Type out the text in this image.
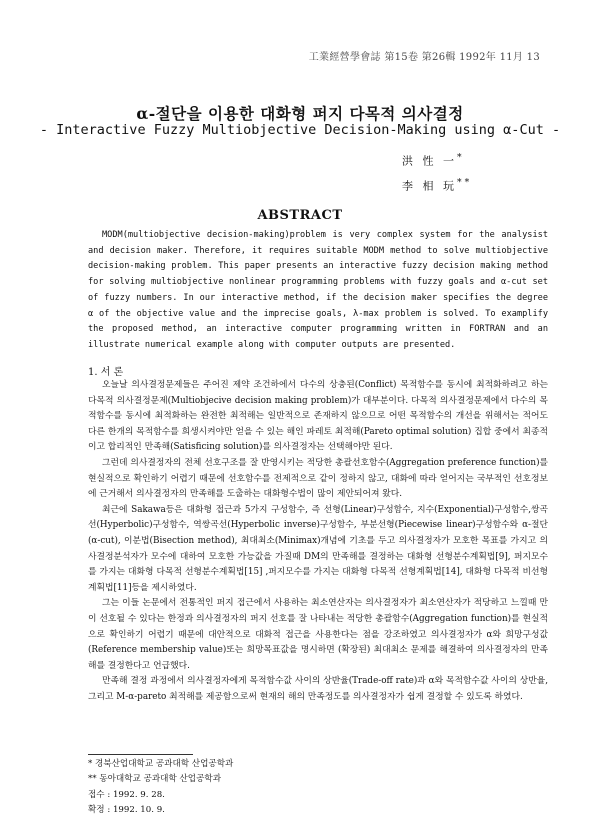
工業經營學會誌 第15卷 第26輯 1992年 11月 13
α-절단을 이용한 대화형 퍼지 다목적 의사결정
- Interactive Fuzzy Multiobjective Decision-Making using α-Cut -
洪 性 一*
李 相 玩**
ABSTRACT

MODM(multiobjective decision-making)problem is very complex system for the analysist and decision maker. Therefore, it requires suitable MODM method to solve multiobjective decision-making problem. This paper presents an interactive fuzzy decision making method for solving multiobjective nonlinear programming problems with fuzzy goals and α-cut set of fuzzy numbers. In our interactive method, if the decision maker specifies the degree α of the objective value and the imprecise goals, λ-max problem is solved. To examplify the proposed method, an interactive computer programming written in FORTRAN and an illustrate numerical example along with computer outputs are presented.

1. 서 론

오늘날 의사결정문제들은 주어진 제약 조건하에서 다수의 상충된(Conflict) 목적함수를 동시에 최적화하려고 하는 다목적 의사결정문제(Multiobjecive decision making problem)가 대부분이다. 다목적 의사결정문제에서 다수의 목적함수를 동시에 최적화하는 완전한 최적해는 일반적으로 존재하지 않으므로 어떤 목적함수의 개선을 위해서는 적어도 다른 한개의 목적함수를 희생시켜야만 얻을 수 있는 해인 파레토 최적해(Pareto optimal solution) 집합 중에서 최종적이고 합리적인 만족해(Satisficing solution)를 의사결정자는 선택해야만 된다.

그런데 의사결정자의 전체 선호구조를 잘 반영시키는 적당한 총괄선호함수(Aggregation preference function)를 현실적으로 확인하기 어렵기 때문에 선호함수를 전제적으로 같이 정하지 않고, 대화에 따라 얻어지는 국부적인 선호정보에 근거해서 의사결정자의 만족해를 도출하는 대화형수법이 많이 제안되어져 왔다.

최근에 Sakawa등은 대화형 접근과 5가지 구성함수, 즉 선형(Linear)구성함수, 지수(Exponential)구성함수,쌍곡선(Hyperbolic)구성함수, 역쌍곡선(Hyperbolic inverse)구성함수, 부분선형(Piecewise linear)구성함수와 α-절단(α-cut), 이분법(Bisection method), 최대최소(Minimax)개념에 기초를 두고 의사결정자가 모호한 목표를 가지고 의사결정분석자가 모수에 대하여 모호한 가능값을 가질때 DM의 만족해를 결정하는 대화형 선형분수계획법[9], 퍼지모수를 가지는 대화형 다목적 선형분수계획법[15] ,퍼지모수를 가지는 대화형 다목적 선형계획법[14], 대화형 다목적 비선형계획법[11]등을 제시하였다.

그는 이들 논문에서 전통적인 퍼지 접근에서 사용하는 최소연산자는 의사결정자가 최소연산자가 적당하고 느낄때 만이 선호될 수 있다는 한정과 의사결정자의 퍼지 선호를 잘 나타내는 적당한 총괄함수(Aggregation function)를 현실적으로 확인하기 어렵기 때문에 대안적으로 대화적 접근을 사용한다는 점을 강조하였고 의사결정자가 α와 희망구성값(Reference membership value)또는 희망목표값을 명시하면 (확장된) 최대최소 문제를 해결하여 의사결정자의 만족해를 결정한다고 언급했다.

만족해 결정 과정에서 의사결정자에게 목적함수값 사이의 상반율(Trade-off rate)과 α와 목적함수값 사이의 상반율, 그리고 M-α-pareto 최적해를 제공함으로써 현재의 해의 만족정도를 의사결정자가 쉽게 결정할 수 있도록 하였다.

* 경북산업대학교 공과대학 산업공학과
** 동아대학교 공과대학 산업공학과
접수 : 1992. 9. 28.
확정 : 1992. 10. 9.
